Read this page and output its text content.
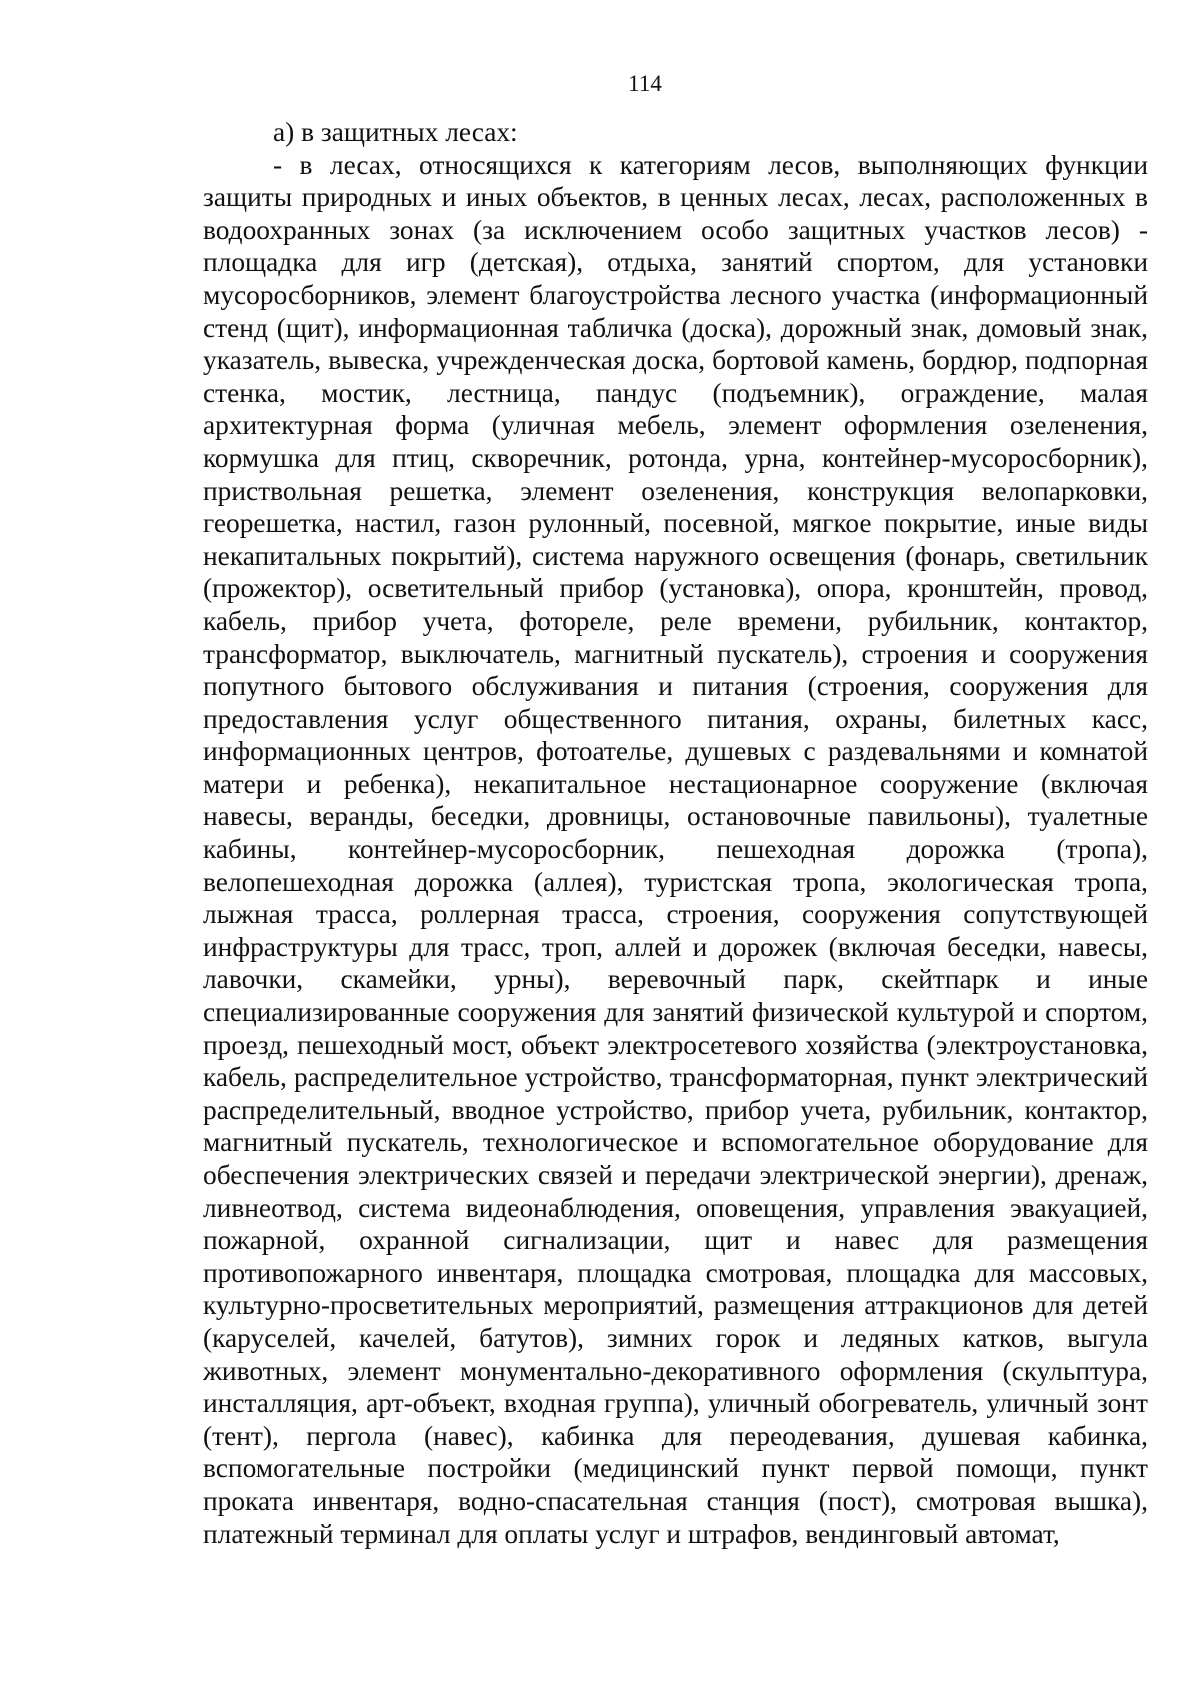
114

а) в защитных лесах:

- в лесах, относящихся к категориям лесов, выполняющих функции защиты природных и иных объектов, в ценных лесах, лесах, расположенных в водоохранных зонах (за исключением особо защитных участков лесов) - площадка для игр (детская), отдыха, занятий спортом, для установки мусоросборников, элемент благоустройства лесного участка (информационный стенд (щит), информационная табличка (доска), дорожный знак, домовый знак, указатель, вывеска, учрежденческая доска, бортовой камень, бордюр, подпорная стенка, мостик, лестница, пандус (подъемник), ограждение, малая архитектурная форма (уличная мебель, элемент оформления озеленения, кормушка для птиц, скворечник, ротонда, урна, контейнер-мусоросборник), приствольная решетка, элемент озеленения, конструкция велопарковки, георешетка, настил, газон рулонный, посевной, мягкое покрытие, иные виды некапитальных покрытий), система наружного освещения (фонарь, светильник (прожектор), осветительный прибор (установка), опора, кронштейн, провод, кабель, прибор учета, фотореле, реле времени, рубильник, контактор, трансформатор, выключатель, магнитный пускатель), строения и сооружения попутного бытового обслуживания и питания (строения, сооружения для предоставления услуг общественного питания, охраны, билетных касс, информационных центров, фотоателье, душевых с раздевальнями и комнатой матери и ребенка), некапитальное нестационарное сооружение (включая навесы, веранды, беседки, дровницы, остановочные павильоны), туалетные кабины, контейнер-мусоросборник, пешеходная дорожка (тропа), велопешеходная дорожка (аллея), туристская тропа, экологическая тропа, лыжная трасса, роллерная трасса, строения, сооружения сопутствующей инфраструктуры для трасс, троп, аллей и дорожек (включая беседки, навесы, лавочки, скамейки, урны), веревочный парк, скейтпарк и иные специализированные сооружения для занятий физической культурой и спортом, проезд, пешеходный мост, объект электросетевого хозяйства (электроустановка, кабель, распределительное устройство, трансформаторная, пункт электрический распределительный, вводное устройство, прибор учета, рубильник, контактор, магнитный пускатель, технологическое и вспомогательное оборудование для обеспечения электрических связей и передачи электрической энергии), дренаж, ливнеотвод, система видеонаблюдения, оповещения, управления эвакуацией, пожарной, охранной сигнализации, щит и навес для размещения противопожарного инвентаря, площадка смотровая, площадка для массовых, культурно-просветительных мероприятий, размещения аттракционов для детей (каруселей, качелей, батутов), зимних горок и ледяных катков, выгула животных, элемент монументально-декоративного оформления (скульптура, инсталляция, арт-объект, входная группа), уличный обогреватель, уличный зонт (тент), пергола (навес), кабинка для переодевания, душевая кабинка, вспомогательные постройки (медицинский пункт первой помощи, пункт проката инвентаря, водно-спасательная станция (пост), смотровая вышка), платежный терминал для оплаты услуг и штрафов, вендинговый автомат,
